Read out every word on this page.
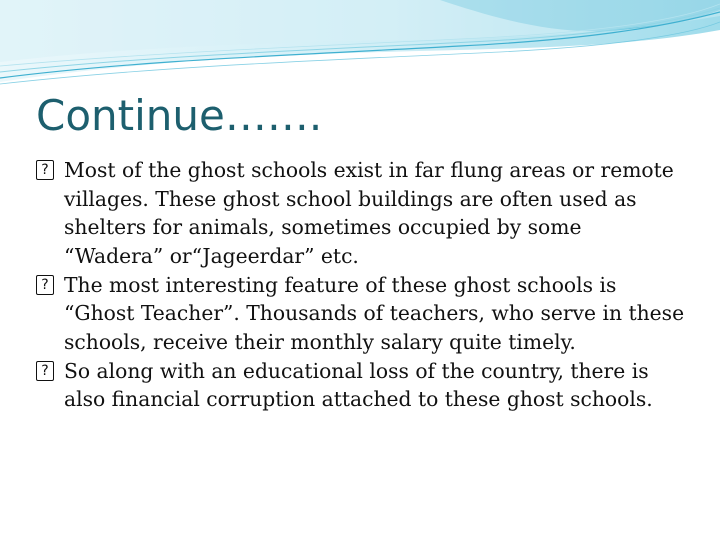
Continue…….
?
Most of the ghost schools exist in far flung areas or remote villages. These ghost school buildings are often used as shelters for animals, sometimes occupied by some “Wadera” or“Jageerdar” etc.
?
The most interesting feature of these ghost schools is “Ghost Teacher”. Thousands of teachers, who serve in these schools, receive their monthly salary quite timely.
?
So along with an educational loss of the country, there is also financial corruption attached to these ghost schools.
